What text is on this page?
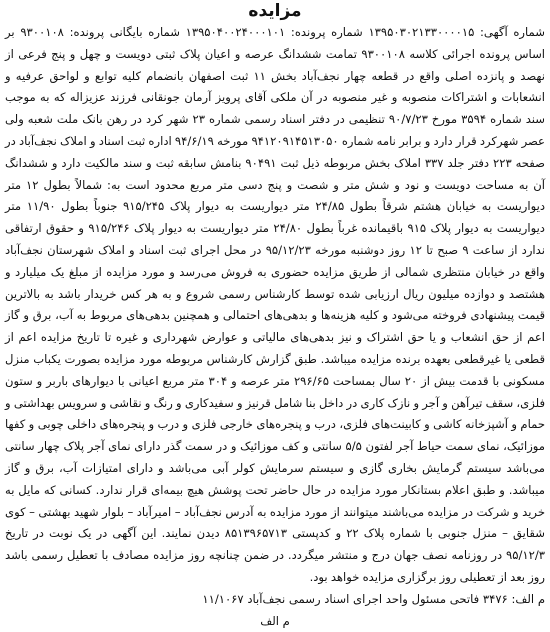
مزایده

شماره آگهی: ۱۳۹۵۰۳۰۲۱۳۳۰۰۰۰۱۵ شماره پرونده: ۱۳۹۵۰۴۰۰۲۴۰۰۰۱۰۱ شماره بایگانی پرونده: ۹۳۰۰۱۰۸ بر اساس پرونده اجرائی کلاسه ۹۳۰۰۱۰۸ تمامت ششدانگ عرصه و اعیان پلاک ثبتی دویست و چهل و پنج فرعی از نهصد و پانزده اصلی واقع در قطعه چهار نجف‌آباد بخش ۱۱ ثبت اصفهان بانضمام کلیه توابع و لواحق عرفیه و انشعابات و اشتراکات منصوبه و غیر منصوبه در آن ملکی آقای پرویز آرمان جونقانی فرزند عزیزاله که به موجب سند شماره ۳۵۹۴ مورخ ۹۰/۷/۲۳ تنظیمی در دفتر اسناد رسمی شماره ۲۳ شهر کرد در رهن بانک ملت شعبه ولی عصر شهرکرد قرار دارد و برابر نامه شماره ۹۴۱۲۰۹۱۴۵۱۳۰۵۰ مورخه ۹۴/۶/۱۹ اداره ثبت اسناد و املاک نجف‌آباد در صفحه ۲۲۳ دفتر جلد ۳۳۷ املاک بخش مربوطه ذیل ثبت ۹۰۴۹۱ بنامش سابقه ثبت و سند مالکیت دارد و ششدانگ آن به مساحت دویست و نود و شش متر و شصت و پنج دسی متر مربع محدود است به: شمالاً بطول ۱۲ متر دیواریست به خیابان هشتم شرقاً بطول ۲۴/۸۵ متر دیواریست به دیوار پلاک ۹۱۵/۲۴۵ جنوباً بطول ۱۱/۹۰ متر دیواریست به دیوار پلاک ۹۱۵ باقیمانده غرباً بطول ۲۴/۸۰ متر دیواریست به دیوار پلاک ۹۱۵/۲۴۶ و حقوق ارتفاقی ندارد از ساعت ۹ صبح تا ۱۲ روز دوشنبه مورخه ۹۵/۱۲/۲۳ در محل اجرای ثبت اسناد و املاک شهرستان نجف‌آباد واقع در خیابان منتظری شمالی از طریق مزایده حضوری به فروش می‌رسد و مورد مزایده از مبلغ یک میلیارد و هشتصد و دوازده میلیون ریال ارزیابی شده توسط کارشناس رسمی شروع و به هر کس خریدار باشد به بالاترین قیمت پیشنهادی فروخته می‌شود و کلیه هزینه‌ها و بدهی‌های احتمالی و همچنین بدهی‌های مربوط به آب، برق و گاز اعم از حق انشعاب و یا حق اشتراک و نیز بدهی‌های مالیاتی و عوارض شهرداری و غیره تا تاریخ مزایده اعم از قطعی یا غیرقطعی بعهده برنده مزایده میباشد. طبق گزارش کارشناس مربوطه مورد مزایده بصورت یکباب منزل مسکونی با قدمت بیش از ۲۰ سال بمساحت ۲۹۶/۶۵ متر عرصه و ۳۰۴ متر مربع اعیانی با دیوارهای باربر و ستون فلزی، سقف تیرآهن و آجر و نازک کاری در داخل بنا شامل قرنیز و سفیدکاری و رنگ و نقاشی و سرویس بهداشتی و حمام و آشپزخانه کاشی و کابینت‌های فلزی، درب و پنجره‌های خارجی فلزی و درب و پنجره‌های داخلی چوبی و کفها موزائیک، نمای سمت حیاط آجر لفتون ۵/۵ سانتی و کف موزائیک و در سمت گذر دارای نمای آجر پلاک چهار سانتی می‌باشد سیستم گرمایش بخاری گازی و سیستم سرمایش کولر آبی می‌باشد و دارای امتیازات آب، برق و گاز میباشد. و طبق اعلام بستانکار مورد مزایده در حال حاضر تحت پوشش هیچ بیمه‌ای قرار ندارد. کسانی که مایل به خرید و شرکت در مزایده می‌باشند میتوانند از مورد مزایده به آدرس نجف‌آباد – امیرآباد – بلوار شهید بهشتی – کوی شقایق – منزل جنوبی با شماره پلاک ۲۲ و کدپستی ۸۵۱۳۹۶۵۷۱۳ دیدن نمایند. این آگهی در یک نوبت در تاریخ ۹۵/۱۲/۳ در روزنامه نصف جهان درج و منتشر میگردد. در ضمن چنانچه روز مزایده مصادف با تعطیل رسمی باشد روز بعد از تعطیلی روز برگزاری مزایده خواهد بود.

م الف: ۳۴۷۶ فاتحی مسئول واحد اجرای اسناد رسمی نجف‌آباد ۱۱/۱۰۶۷

م الف
